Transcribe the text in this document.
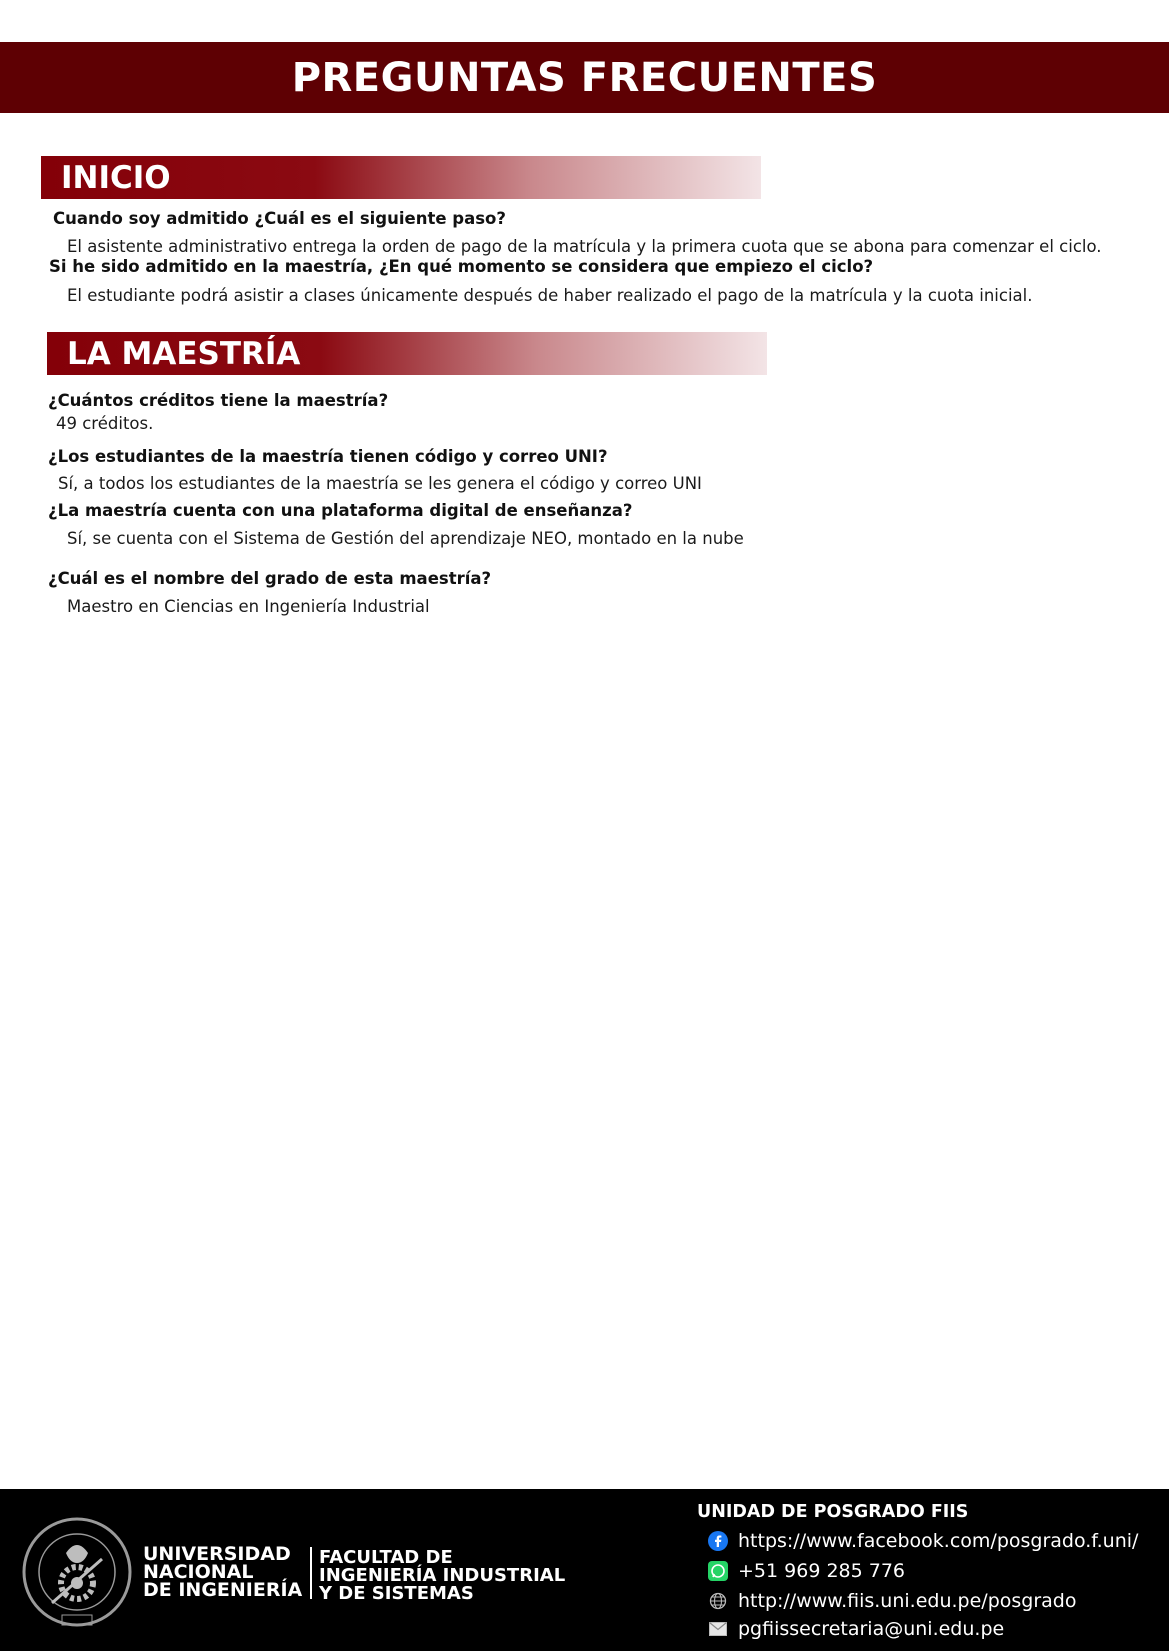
PREGUNTAS FRECUENTES
INICIO
Cuando soy admitido ¿Cuál es el siguiente paso?
El asistente administrativo entrega la orden de pago de la matrícula y la primera cuota que se abona para comenzar el ciclo.
Si he sido admitido en la maestría, ¿En qué momento se considera que empiezo el ciclo?
El estudiante podrá asistir a clases únicamente después de haber realizado el pago de la matrícula y la cuota inicial.
LA MAESTRÍA
¿Cuántos créditos tiene la maestría?
49 créditos.
¿Los estudiantes de la maestría tienen código y correo UNI?
Sí, a todos los estudiantes de la maestría se les genera el código y correo UNI
¿La maestría cuenta con una plataforma digital de enseñanza?
Sí, se cuenta con el Sistema de Gestión del aprendizaje NEO, montado en la nube
¿Cuál es el nombre del grado de esta maestría?
Maestro en Ciencias en Ingeniería Industrial
UNIVERSIDAD
NACIONAL
DE INGENIERÍA
FACULTAD DE
INGENIERÍA INDUSTRIAL
Y DE SISTEMAS
UNIDAD DE POSGRADO FIIS
https://www.facebook.com/posgrado.f.uni/
+51 969 285 776
http://www.fiis.uni.edu.pe/posgrado
pgfiissecretaria@uni.edu.pe
